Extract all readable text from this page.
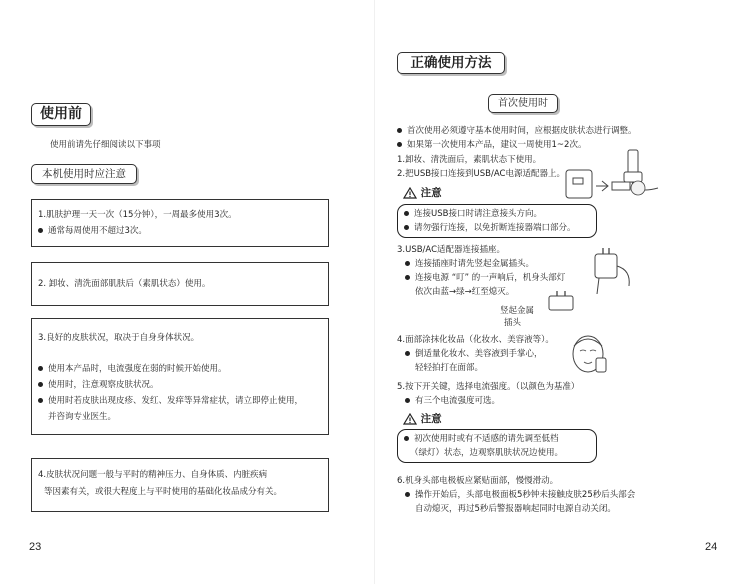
使用前
使用前请先仔细阅读以下事项
本机使用时应注意
1.肌肤护理一天一次（15分钟），一周最多使用3次。
通常每周使用不超过3次。
2. 卸妆、清洗面部肌肤后（素肌状态）使用。
3.良好的皮肤状况，取决于自身身体状况。
使用本产品时，电流强度在弱的时候开始使用。
使用时，注意观察皮肤状况。
使用时若皮肤出现皮疹、发红、发痒等异常症状，请立即停止使用，
并咨询专业医生。
4.皮肤状况问题一般与平时的精神压力、自身体质、内脏疾病
等因素有关，或很大程度上与平时使用的基础化妆品成分有关。
23
正确使用方法
首次使用时
首次使用必须遵守基本使用时间，应根据皮肤状态进行调整。
如果第一次使用本产品，建议一周使用1~2次。
1.卸妆、清洗面后，素肌状态下使用。
2.把USB接口连接到USB/AC电源适配器上。
注意
连接USB接口时请注意接头方向。
请勿强行连接，以免折断连接器端口部分。
3.USB/AC适配器连接插座。
连接插座时请先竖起金属插头。
连接电源 “叮” 的一声响后，机身头部灯
依次由蓝→绿→红至熄灭。
竖起金属
插头
4.面部涂抹化妆品（化妆水、美容液等）。
倒适量化妆水、美容液到手掌心，
轻轻拍打在面部。
5.按下开关键，选择电流强度。（以颜色为基准）
有三个电流强度可选。
注意
初次使用时或有不适感的请先调至低档
（绿灯）状态，边观察肌肤状况边使用。
6.机身头部电极板应紧贴面部，慢慢滑动。
操作开始后，头部电极面板5秒钟未接触皮肤25秒后头部会
自动熄灭，再过5秒后警报器响起同时电源自动关闭。
24
